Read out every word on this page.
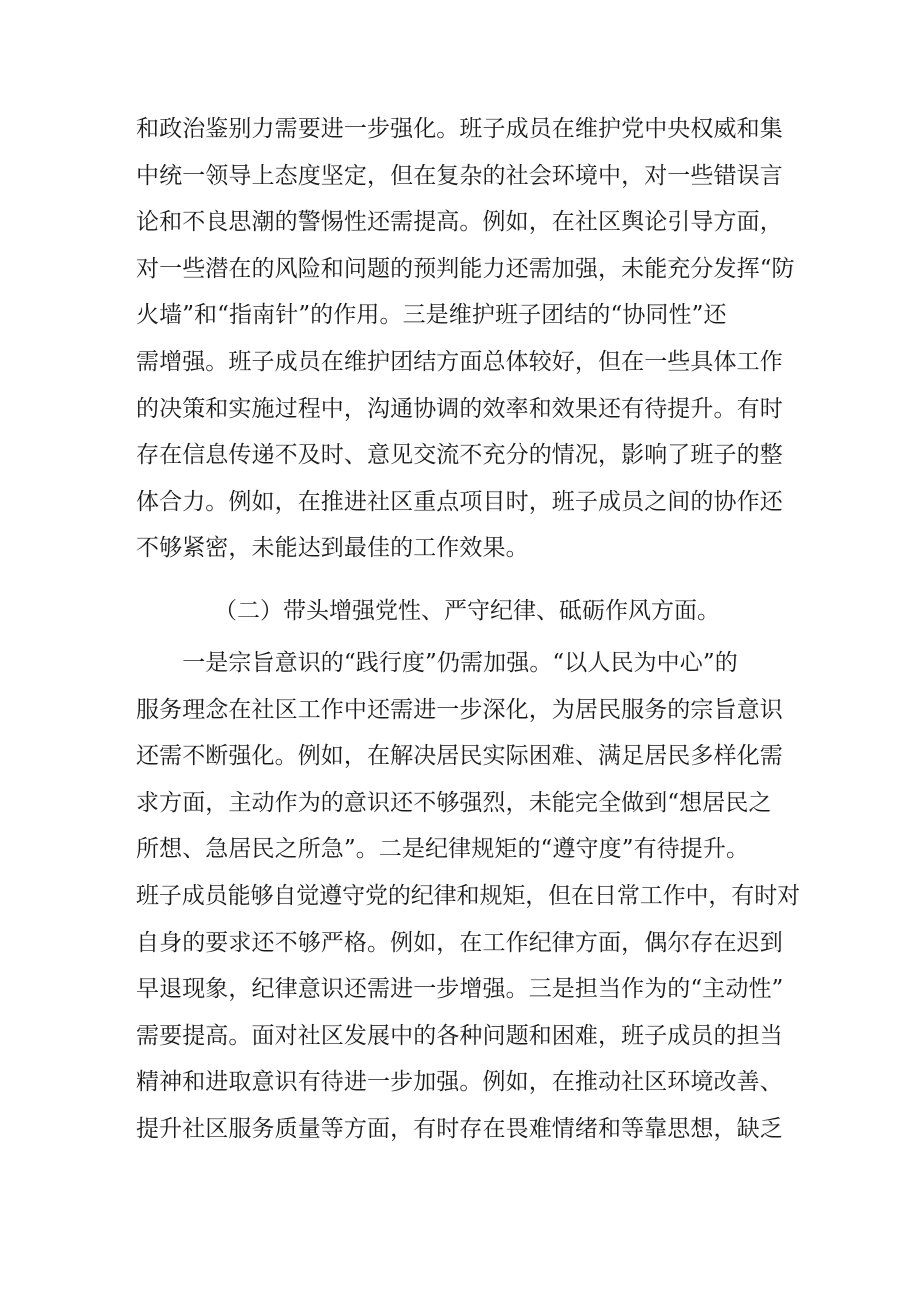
和政治鉴别力需要进一步强化。班子成员在维护党中央权威和集
中统一领导上态度坚定，但在复杂的社会环境中，对一些错误言
论和不良思潮的警惕性还需提高。例如，在社区舆论引导方面，
对一些潜在的风险和问题的预判能力还需加强，未能充分发挥“防
火墙”和“指南针”的作用。三是维护班子团结的“协同性”还
需增强。班子成员在维护团结方面总体较好，但在一些具体工作
的决策和实施过程中，沟通协调的效率和效果还有待提升。有时
存在信息传递不及时、意见交流不充分的情况，影响了班子的整
体合力。例如，在推进社区重点项目时，班子成员之间的协作还
不够紧密，未能达到最佳的工作效果。
（二）带头增强党性、严守纪律、砥砺作风方面。
　　一是宗旨意识的“践行度”仍需加强。“以人民为中心”的
服务理念在社区工作中还需进一步深化，为居民服务的宗旨意识
还需不断强化。例如，在解决居民实际困难、满足居民多样化需
求方面，主动作为的意识还不够强烈，未能完全做到“想居民之
所想、急居民之所急”。二是纪律规矩的“遵守度”有待提升。
班子成员能够自觉遵守党的纪律和规矩，但在日常工作中，有时对
自身的要求还不够严格。例如，在工作纪律方面，偶尔存在迟到
早退现象，纪律意识还需进一步增强。三是担当作为的“主动性”
需要提高。面对社区发展中的各种问题和困难，班子成员的担当
精神和进取意识有待进一步加强。例如，在推动社区环境改善、
提升社区服务质量等方面，有时存在畏难情绪和等靠思想，缺乏
